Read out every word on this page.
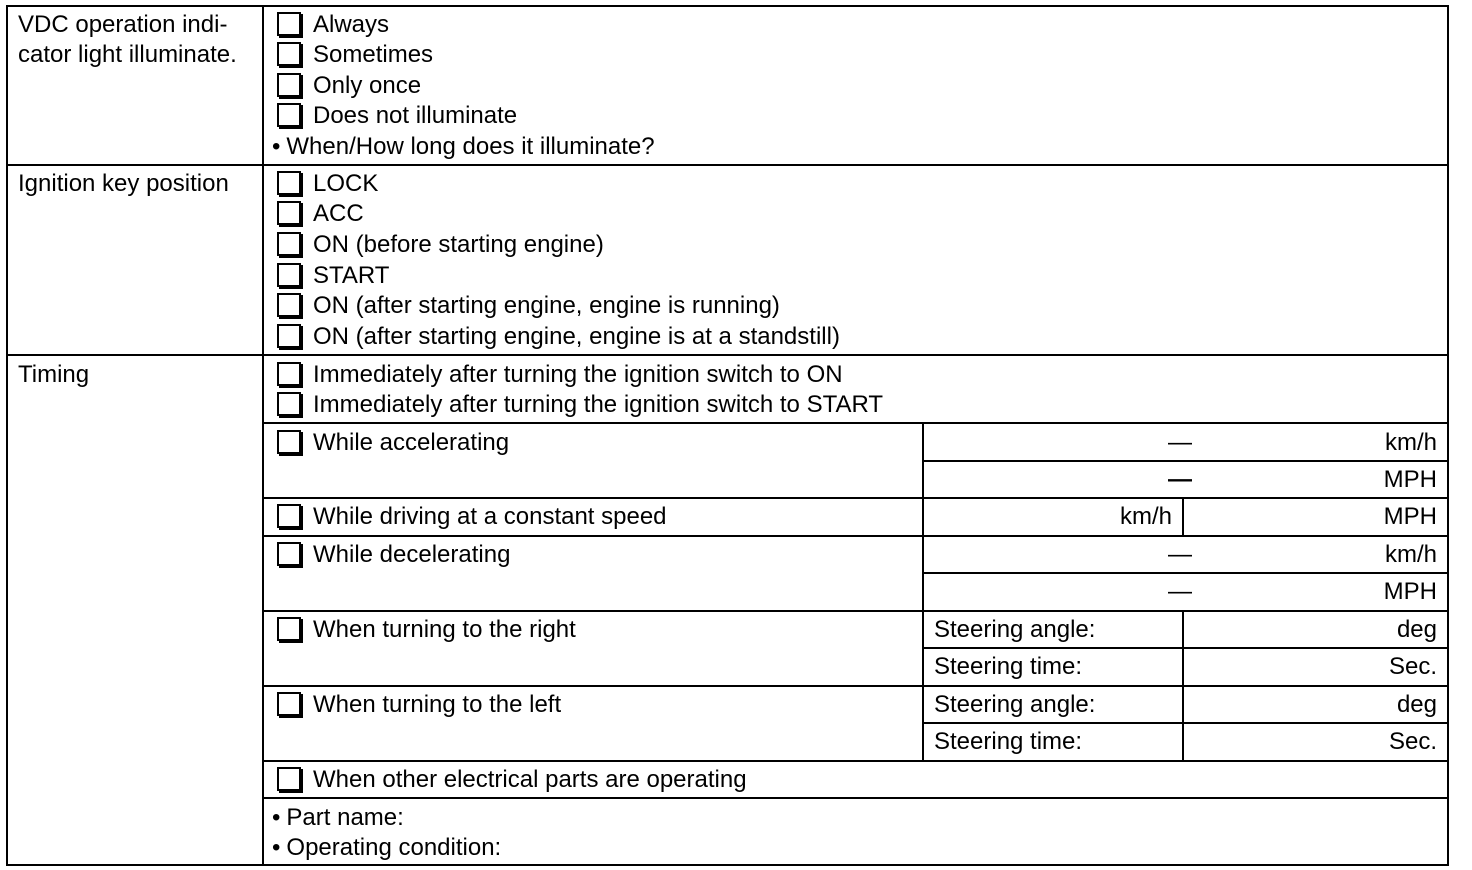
VDC operation indi-
cator light illuminate.
Always
Sometimes
Only once
Does not illuminate
• When/How long does it illuminate?
Ignition key position	LOCK
ACC
ON (before starting engine)
START
ON (after starting engine, engine is running)
ON (after starting engine, engine is at a standstill)
Timing	Immediately after turning the ignition switch to ON
Immediately after turning the ignition switch to START
While accelerating	—	km/h
—	MPH
While driving at a constant speed	km/h	MPH
While decelerating	—	km/h
—	MPH
When turning to the right	Steering angle:	deg
Steering time:	Sec.
When turning to the left	Steering angle:	deg
Steering time:	Sec.
When other electrical parts are operating
• Part name:
• Operating condition:
